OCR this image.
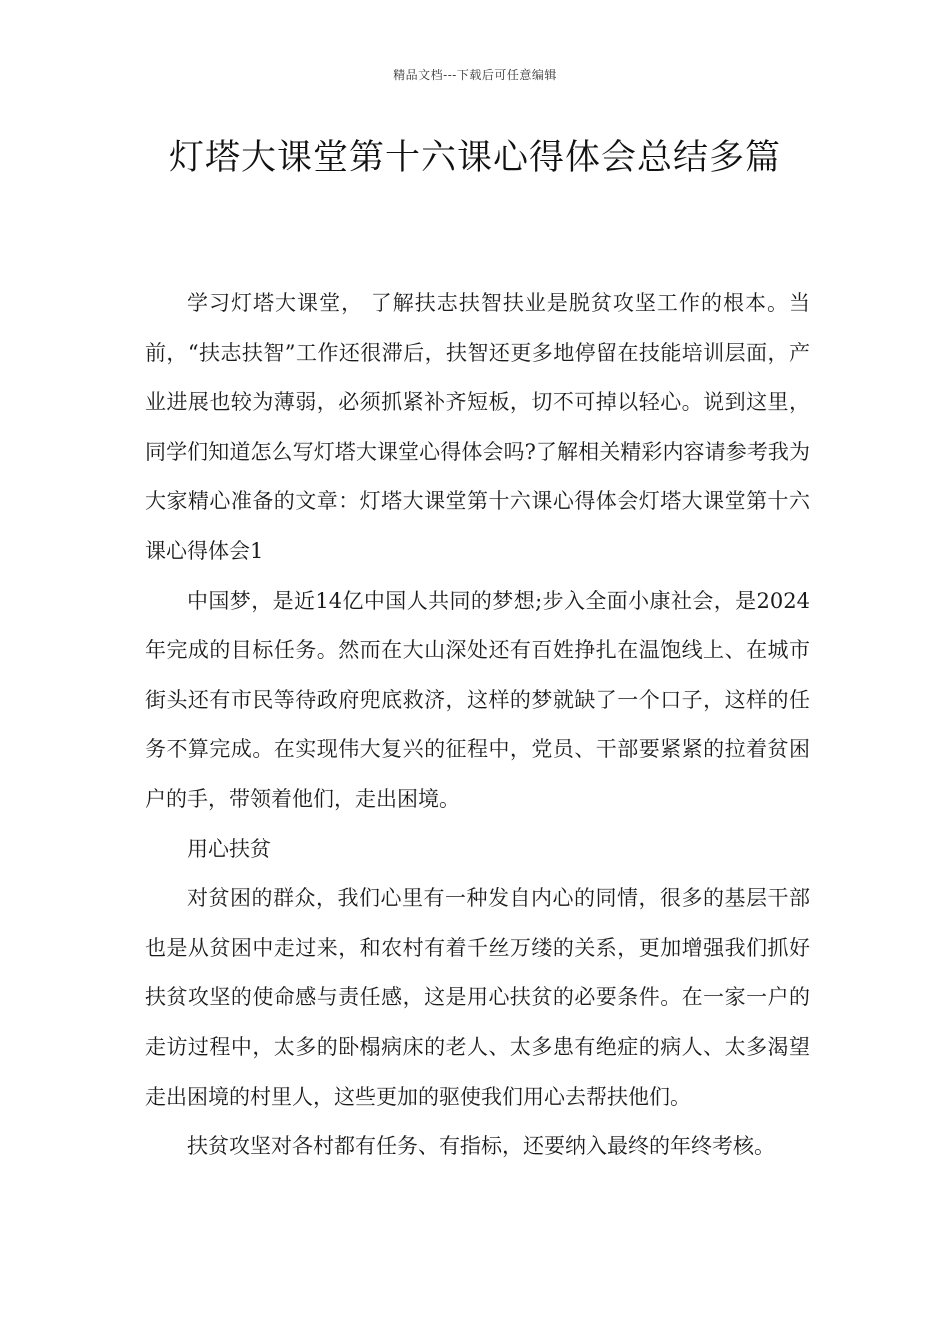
精品文档---下载后可任意编辑
灯塔大课堂第十六课心得体会总结多篇

学习灯塔大课堂， 了解扶志扶智扶业是脱贫攻坚工作的根本。当前，“扶志扶智”工作还很滞后，扶智还更多地停留在技能培训层面，产业进展也较为薄弱，必须抓紧补齐短板，切不可掉以轻心。说到这里，同学们知道怎么写灯塔大课堂心得体会吗?了解相关精彩内容请参考我为大家精心准备的文章：灯塔大课堂第十六课心得体会灯塔大课堂第十六课心得体会1

中国梦，是近14亿中国人共同的梦想;步入全面小康社会，是2024年完成的目标任务。然而在大山深处还有百姓挣扎在温饱线上、在城市街头还有市民等待政府兜底救济，这样的梦就缺了一个口子，这样的任务不算完成。在实现伟大复兴的征程中，党员、干部要紧紧的拉着贫困户的手，带领着他们，走出困境。

用心扶贫

对贫困的群众，我们心里有一种发自内心的同情，很多的基层干部也是从贫困中走过来，和农村有着千丝万缕的关系，更加增强我们抓好扶贫攻坚的使命感与责任感，这是用心扶贫的必要条件。在一家一户的走访过程中，太多的卧榻病床的老人、太多患有绝症的病人、太多渴望走出困境的村里人，这些更加的驱使我们用心去帮扶他们。

扶贫攻坚对各村都有任务、有指标，还要纳入最终的年终考核。
